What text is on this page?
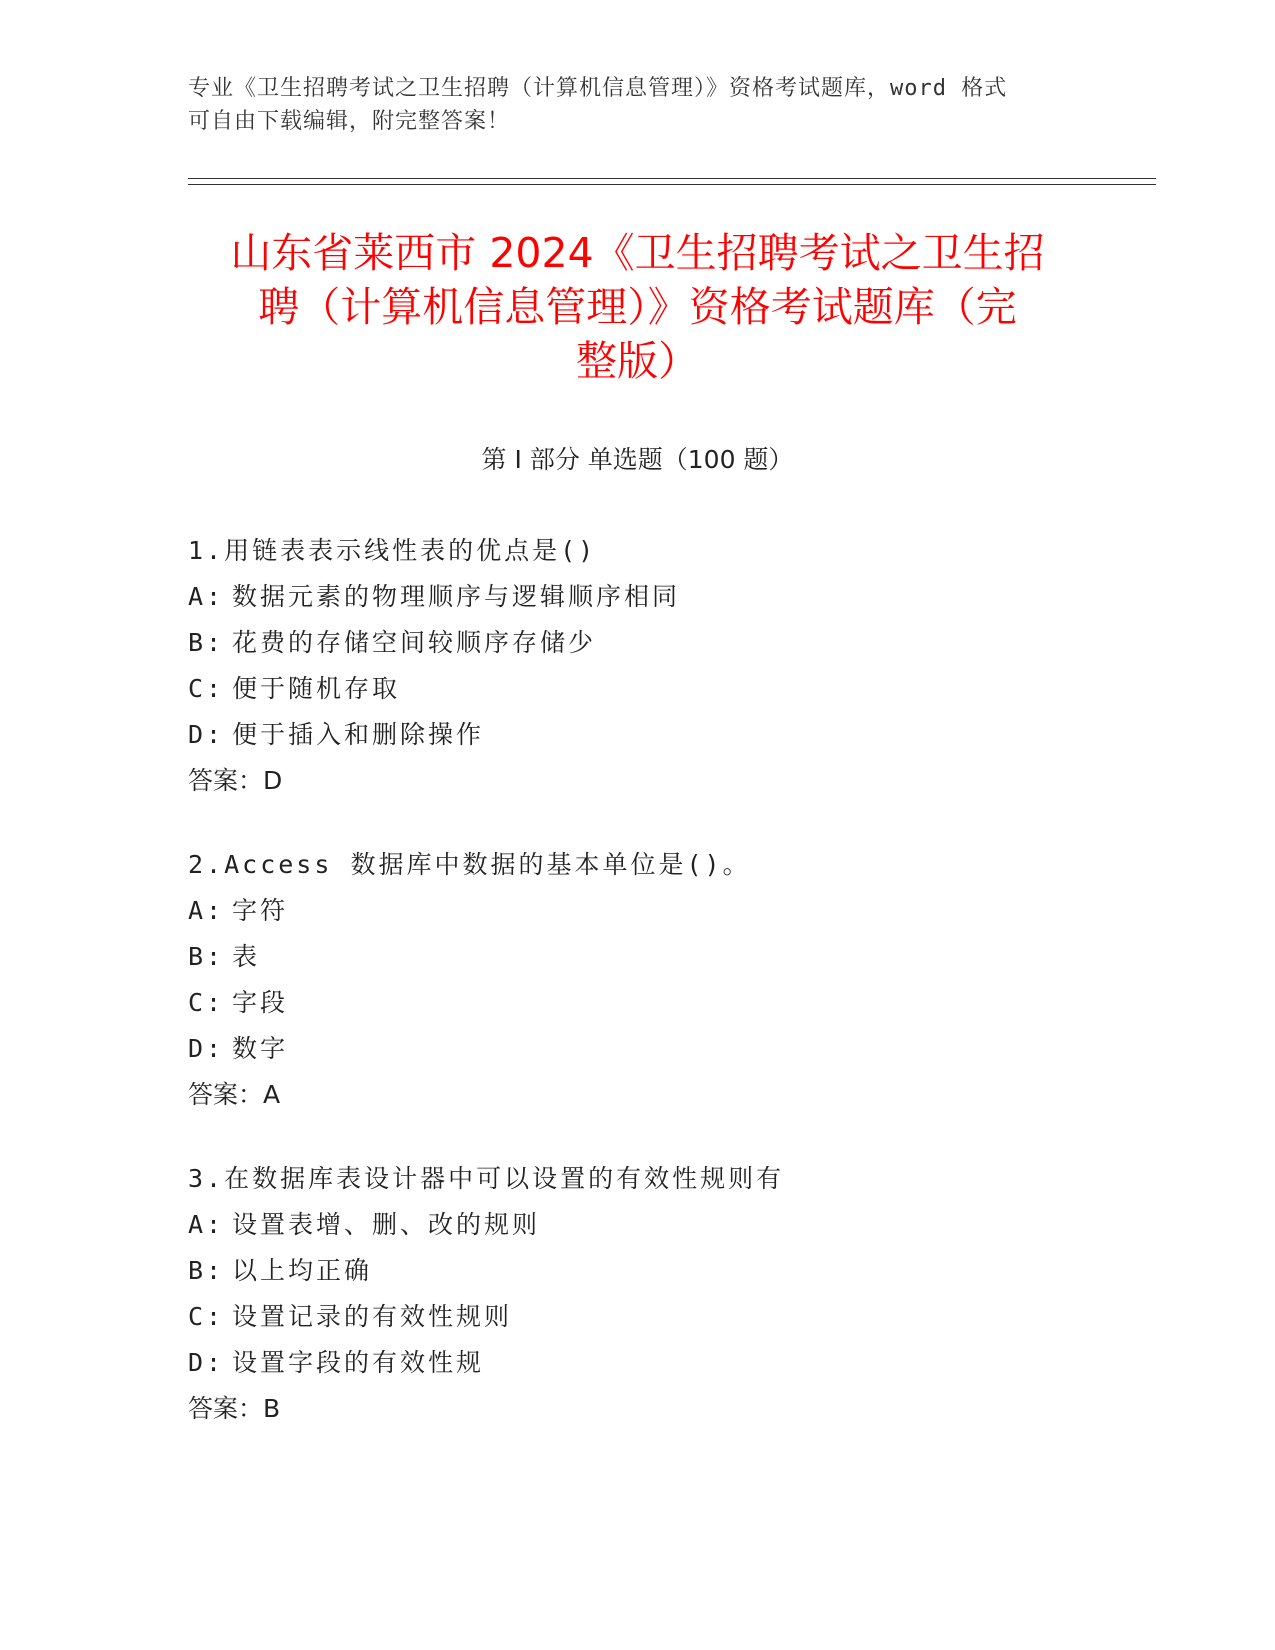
专业《卫生招聘考试之卫生招聘（计算机信息管理）》资格考试题库，word 格式
可自由下载编辑，附完整答案！
山东省莱西市 2024《卫生招聘考试之卫生招
聘（计算机信息管理）》资格考试题库（完
整版）
第 I 部分 单选题（100 题）
1.用链表表示线性表的优点是()
A: 数据元素的物理顺序与逻辑顺序相同
B: 花费的存储空间较顺序存储少
C: 便于随机存取
D: 便于插入和删除操作
答案：D
2.Access 数据库中数据的基本单位是()。
A: 字符
B: 表
C: 字段
D: 数字
答案：A
3.在数据库表设计器中可以设置的有效性规则有
A: 设置表增、删、改的规则
B: 以上均正确
C: 设置记录的有效性规则
D: 设置字段的有效性规
答案：B
